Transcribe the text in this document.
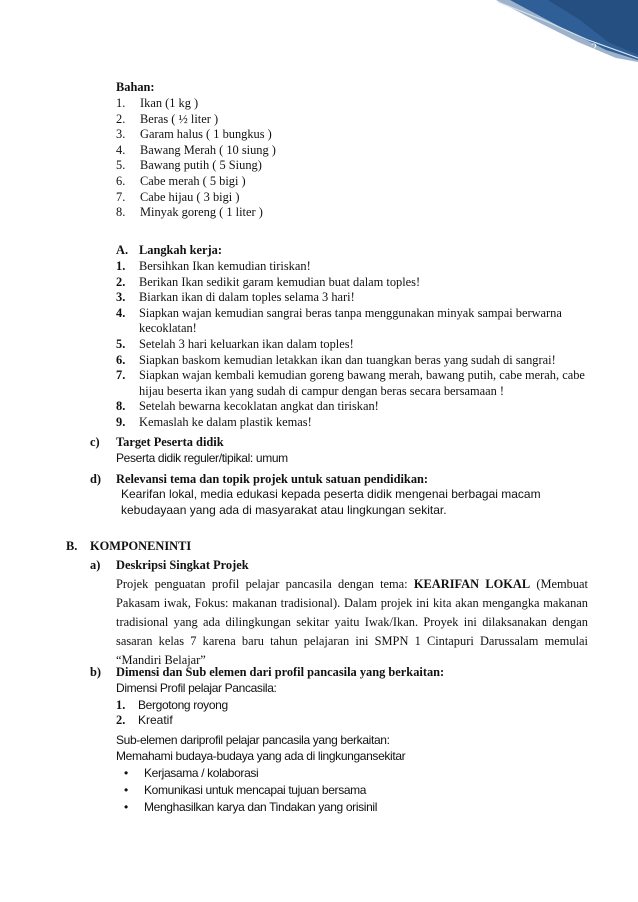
2
Bahan:
1. Ikan (1 kg )
2. Beras ( ½ liter )
3. Garam halus ( 1 bungkus )
4. Bawang Merah ( 10 siung )
5. Bawang putih ( 5 Siung)
6. Cabe merah ( 5 bigi )
7. Cabe hijau ( 3 bigi )
8. Minyak goreng ( 1 liter )
A. Langkah kerja:
1. Bersihkan Ikan kemudian tiriskan!
2. Berikan Ikan sedikit garam kemudian buat dalam toples!
3. Biarkan ikan di dalam toples selama 3 hari!
4. Siapkan wajan kemudian sangrai beras tanpa menggunakan minyak sampai berwarna
kecoklatan!
5. Setelah 3 hari keluarkan ikan dalam toples!
6. Siapkan baskom kemudian letakkan ikan dan tuangkan beras yang sudah di sangrai!
7. Siapkan wajan kembali kemudian goreng bawang merah, bawang putih, cabe merah, cabe
hijau beserta ikan yang sudah di campur dengan beras secara bersamaan !
8. Setelah bewarna kecoklatan angkat dan tiriskan!
9. Kemaslah ke dalam plastik kemas!
c) Target Peserta didik
Peserta didik reguler/tipikal: umum
d) Relevansi tema dan topik projek untuk satuan pendidikan:
Kearifan lokal, media edukasi kepada peserta didik mengenai berbagai macam
kebudayaan yang ada di masyarakat atau lingkungan sekitar.
B. KOMPONENINTI
a) Deskripsi Singkat Projek
Projek penguatan profil pelajar pancasila dengan tema: KEARIFAN LOKAL (Membuat Pakasam iwak, Fokus: makanan tradisional). Dalam projek ini kita akan mengangka makanan tradisional yang ada dilingkungan sekitar yaitu Iwak/Ikan. Proyek ini dilaksanakan dengan sasaran kelas 7 karena baru tahun pelajaran ini SMPN 1 Cintapuri Darussalam memulai “Mandiri Belajar”
b) Dimensi dan Sub elemen dari profil pancasila yang berkaitan:
Dimensi Profil pelajar Pancasila:
1. Bergotong royong
2. Kreatif
Sub-elemen dariprofil pelajar pancasila yang berkaitan:
Memahami budaya-budaya yang ada di lingkungansekitar
• Kerjasama / kolaborasi
• Komunikasi untuk mencapai tujuan bersama
• Menghasilkan karya dan Tindakan yang orisinil
